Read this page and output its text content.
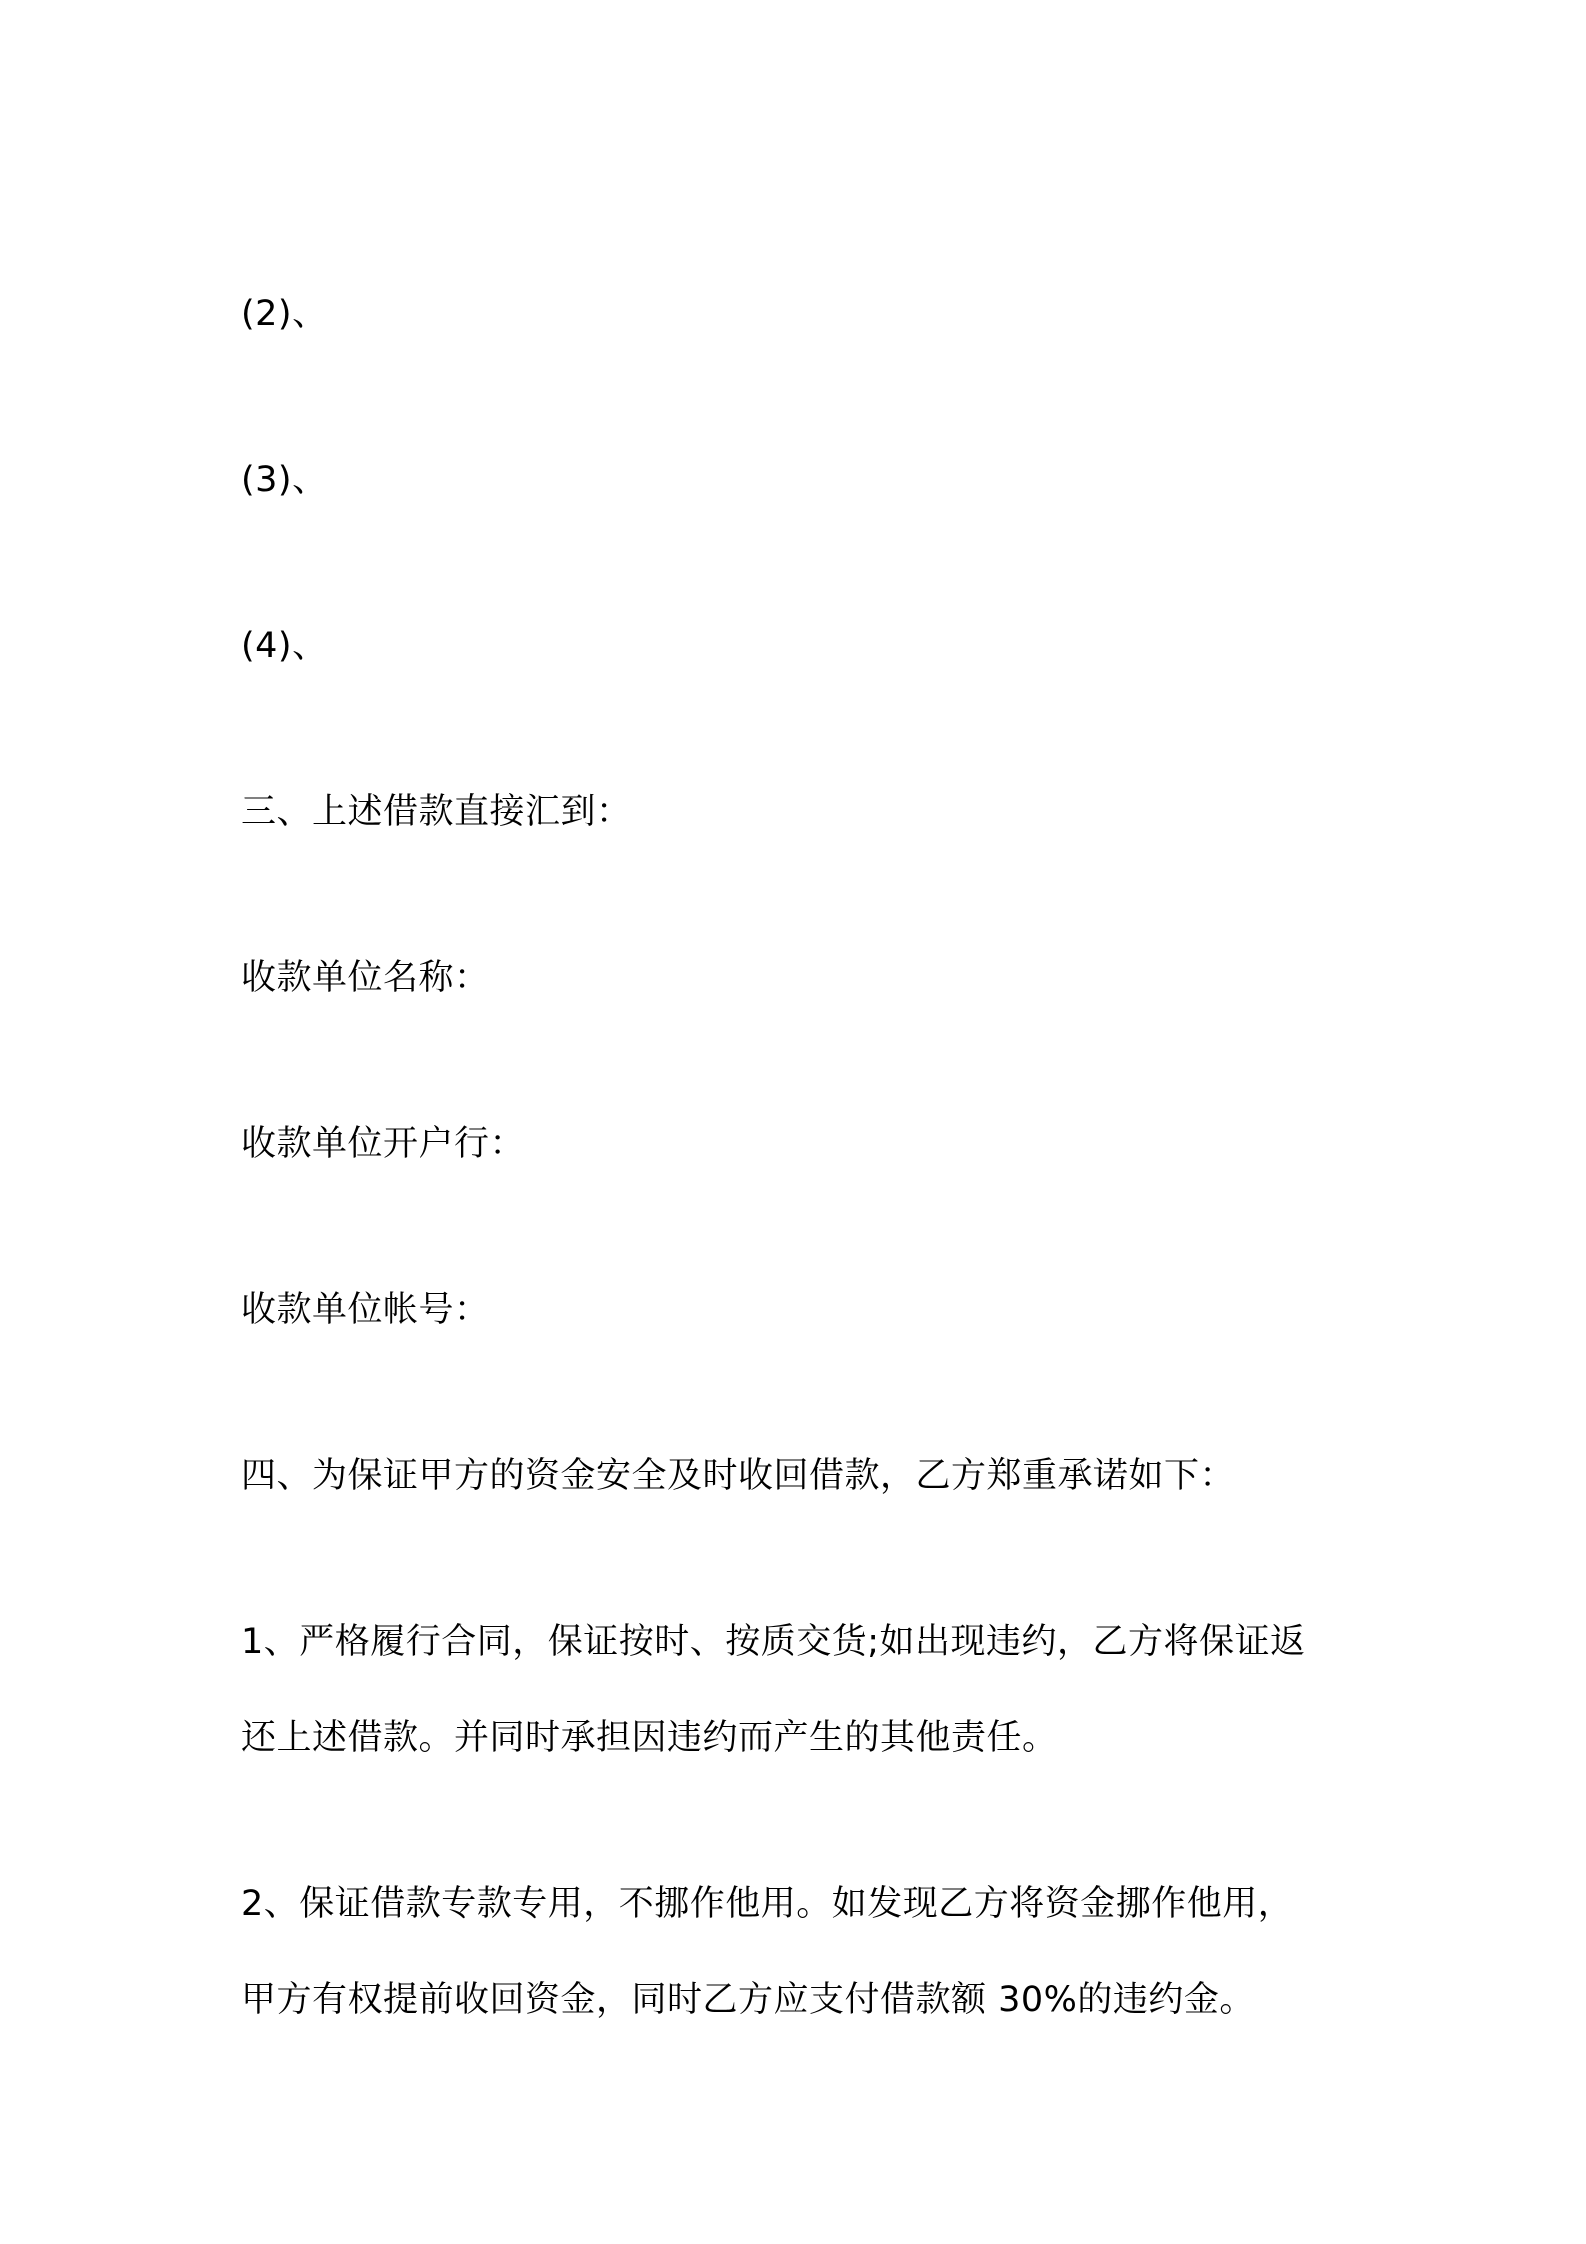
(2)、
(3)、
(4)、
三、上述借款直接汇到：
收款单位名称：
收款单位开户行：
收款单位帐号：
四、为保证甲方的资金安全及时收回借款，乙方郑重承诺如下：
1、严格履行合同，保证按时、按质交货;如出现违约，乙方将保证返
还上述借款。并同时承担因违约而产生的其他责任。
2、保证借款专款专用，不挪作他用。如发现乙方将资金挪作他用，
甲方有权提前收回资金，同时乙方应支付借款额 30%的违约金。
